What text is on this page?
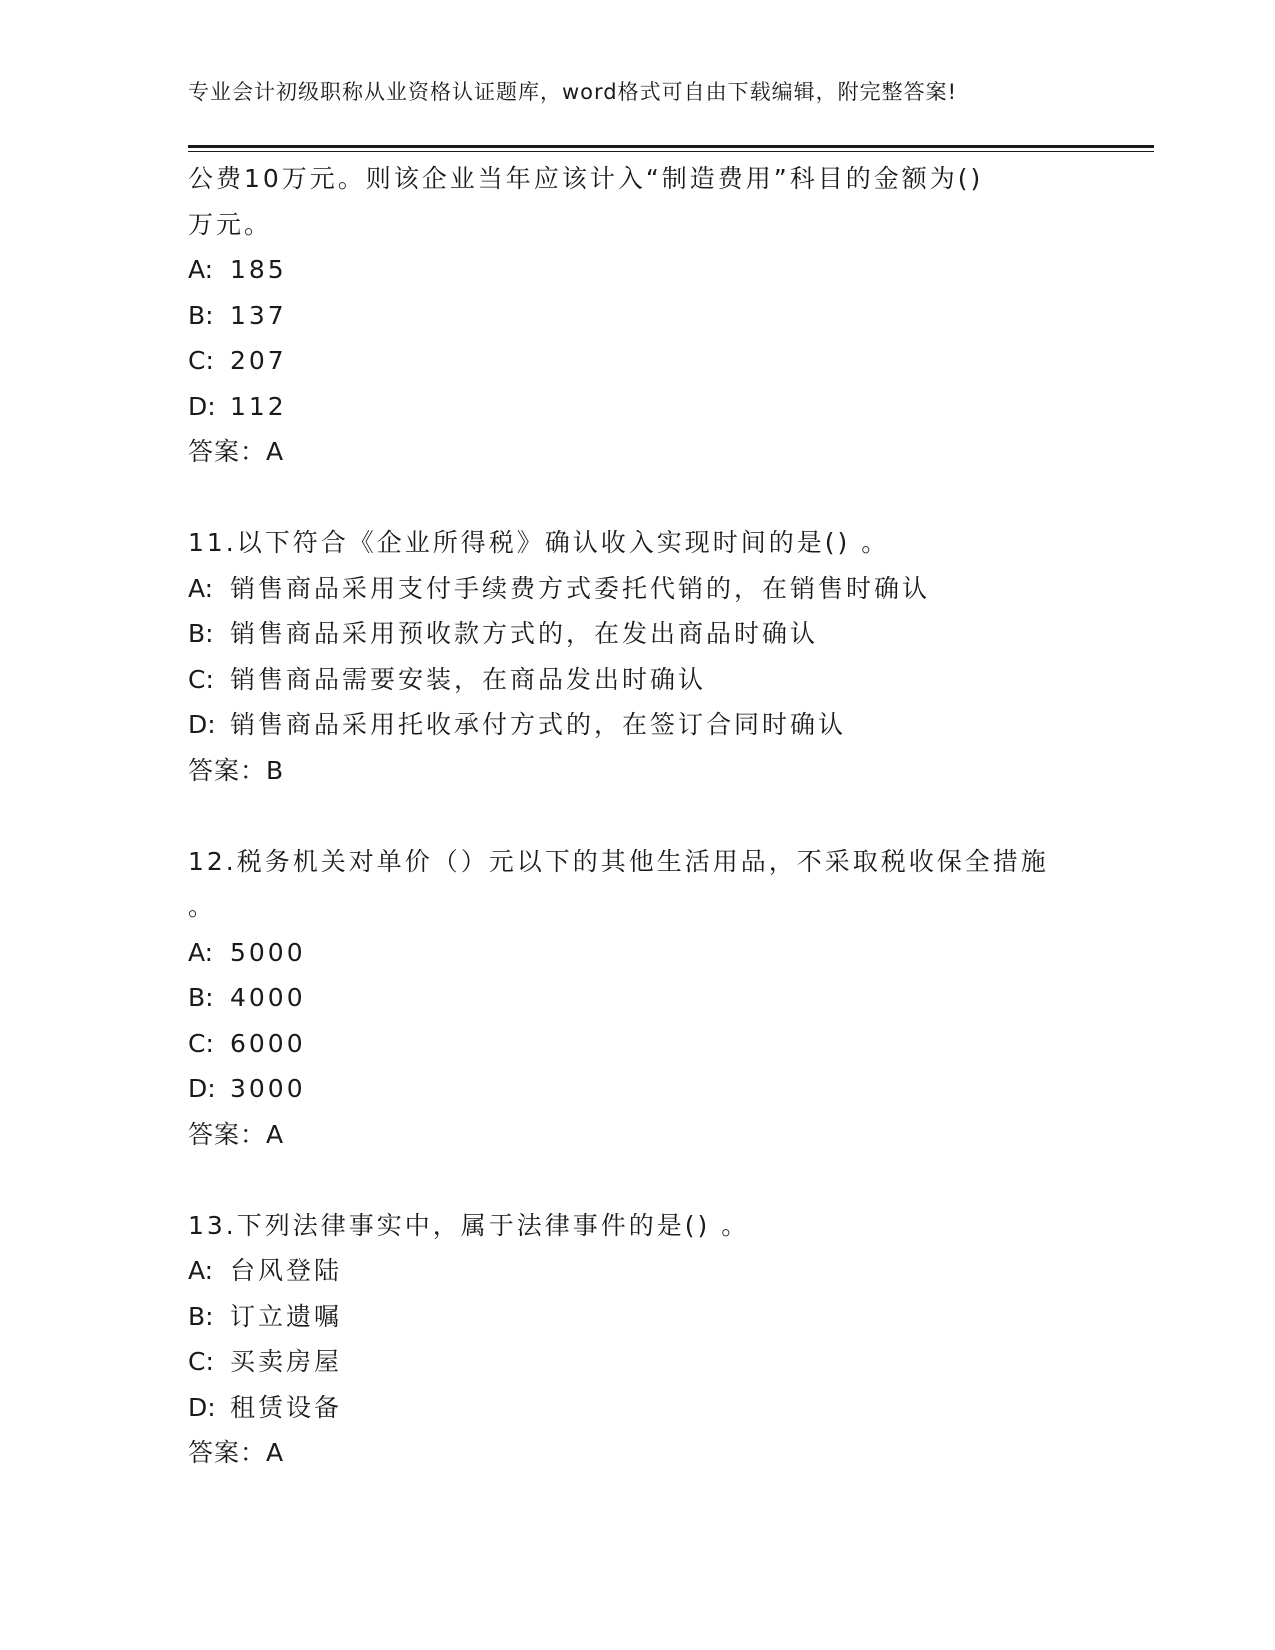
专业会计初级职称从业资格认证题库，word格式可自由下载编辑，附完整答案!
公费10万元。则该企业当年应该计入“制造费用”科目的金额为()
万元。
A: 185
B: 137
C: 207
D: 112
答案：A
11.以下符合《企业所得税》确认收入实现时间的是() 。
A: 销售商品采用支付手续费方式委托代销的，在销售时确认
B: 销售商品采用预收款方式的，在发出商品时确认
C: 销售商品需要安装，在商品发出时确认
D: 销售商品采用托收承付方式的，在签订合同时确认
答案：B
12.税务机关对单价（）元以下的其他生活用品，不采取税收保全措施
。
A: 5000
B: 4000
C: 6000
D: 3000
答案：A
13.下列法律事实中，属于法律事件的是() 。
A: 台风登陆
B: 订立遗嘱
C: 买卖房屋
D: 租赁设备
答案：A
